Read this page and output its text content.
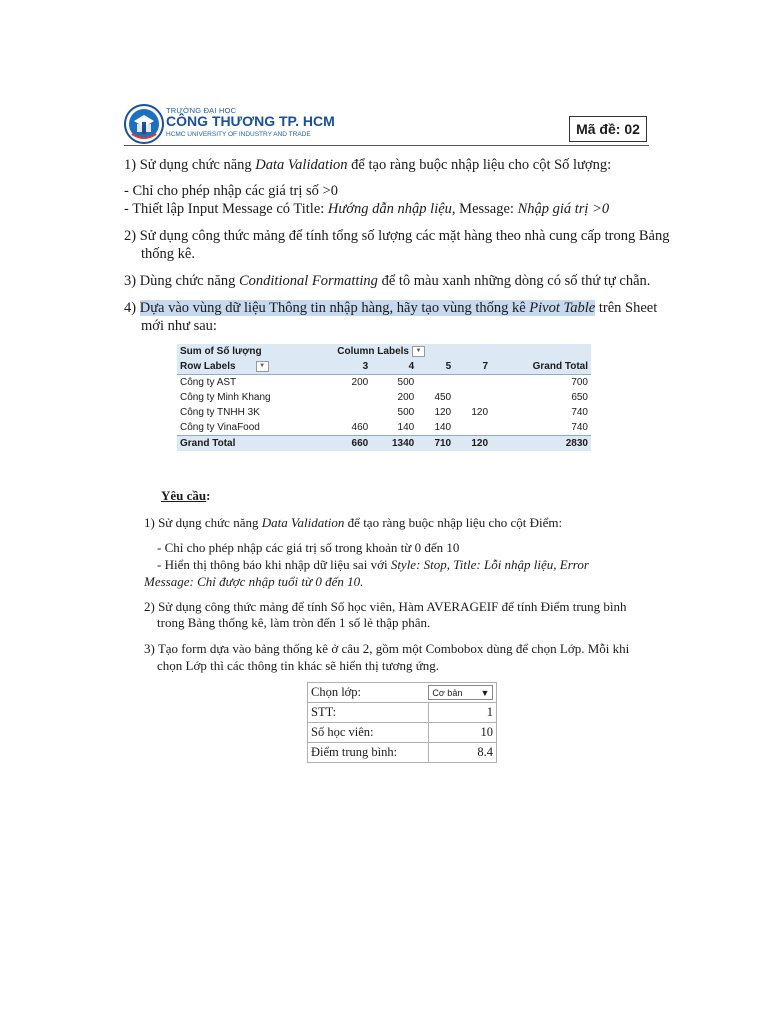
TRƯỜNG ĐẠI HỌC
CÔNG THƯƠNG TP. HCM
HCMC UNIVERSITY OF INDUSTRY AND TRADE	Mã đề: 02
1) Sử dụng chức năng Data Validation để tạo ràng buộc nhập liệu cho cột Số lượng:
- Chỉ cho phép nhập các giá trị số >0
- Thiết lập Input Message có Title: Hướng dẫn nhập liệu, Message: Nhập giá trị >0
2) Sử dụng công thức mảng để tính tổng số lượng các mặt hàng theo nhà cung cấp trong Bảng
thống kê.
3) Dùng chức năng Conditional Formatting để tô màu xanh những dòng có số thứ tự chẵn.
4) Dựa vào vùng dữ liệu Thông tin nhập hàng, hãy tạo vùng thống kê Pivot Table trên Sheet
mới như sau:
Sum of Số lượng	Column Labels ▼				
Row Labels ▼	3	4	5	7	Grand Total
Công ty AST	200	500			700
Công ty Minh Khang		200	450		650
Công ty TNHH 3K		500	120	120	740
Công ty VinaFood	460	140	140		740
Grand Total	660	1340	710	120	2830
Yêu cầu:
1) Sử dụng chức năng Data Validation để tạo ràng buộc nhập liệu cho cột Điểm:
- Chỉ cho phép nhập các giá trị số trong khoản từ 0 đến 10
- Hiển thị thông báo khi nhập dữ liệu sai với Style: Stop, Title: Lỗi nhập liệu, Error
Message: Chỉ được nhập tuổi từ 0 đến 10.
2) Sử dụng công thức mảng để tính Số học viên, Hàm AVERAGEIF để tính Điểm trung bình
trong Bảng thống kê, làm tròn đến 1 số lẻ thập phân.
3) Tạo form dựa vào bảng thống kê ở câu 2, gồm một Combobox dùng để chọn Lớp. Mỗi khi
chọn Lớp thì các thông tin khác sẽ hiển thị tương ứng.
Chọn lớp:	Cơ bản ▼

STT:	1
Số học viên:	10
Điểm trung bình:	8.4
